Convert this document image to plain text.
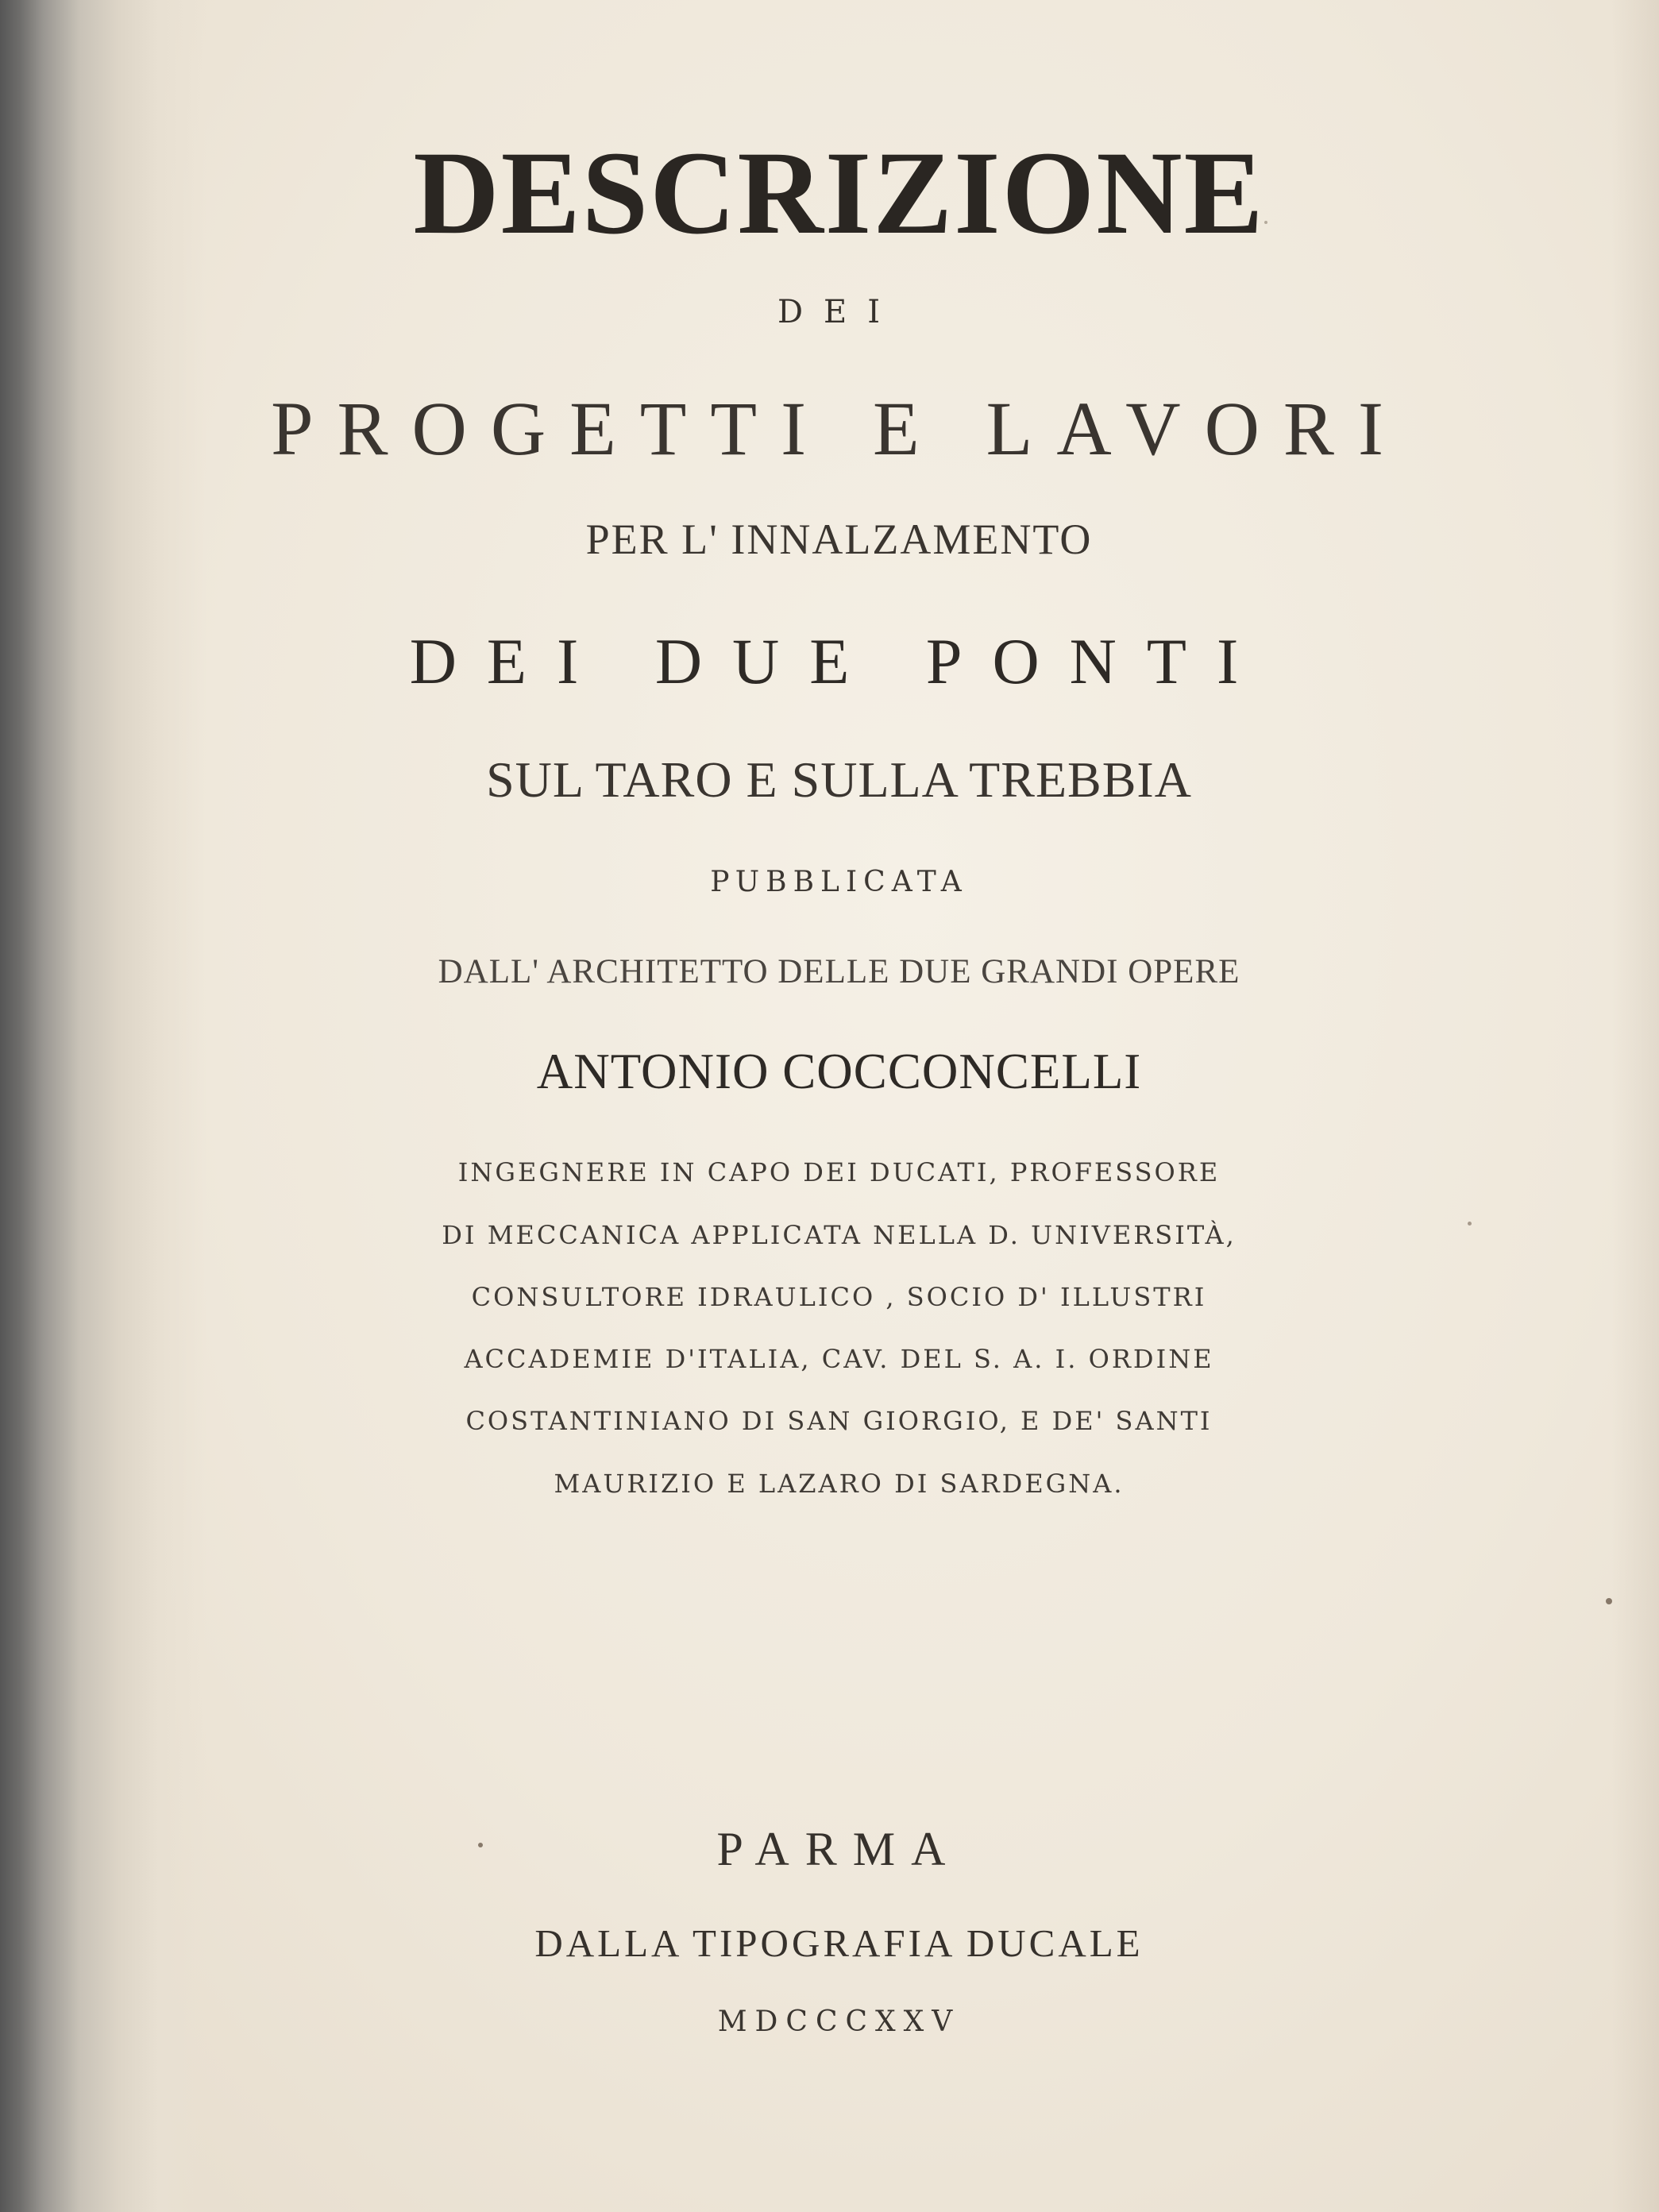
DESCRIZIONE
DEI
PROGETTI E LAVORI
PER L' INNALZAMENTO
DEI DUE PONTI
SUL TARO E SULLA TREBBIA
PUBBLICATA
DALL' ARCHITETTO DELLE DUE GRANDI OPERE
ANTONIO COCCONCELLI
INGEGNERE IN CAPO DEI DUCATI, PROFESSORE
DI MECCANICA APPLICATA NELLA D. UNIVERSITÀ,
CONSULTORE IDRAULICO , SOCIO D' ILLUSTRI
ACCADEMIE D'ITALIA, CAV. DEL S. A. I. ORDINE
COSTANTINIANO DI SAN GIORGIO, E DE' SANTI
MAURIZIO E LAZARO DI SARDEGNA.
PARMA
DALLA TIPOGRAFIA DUCALE
MDCCCXXV
